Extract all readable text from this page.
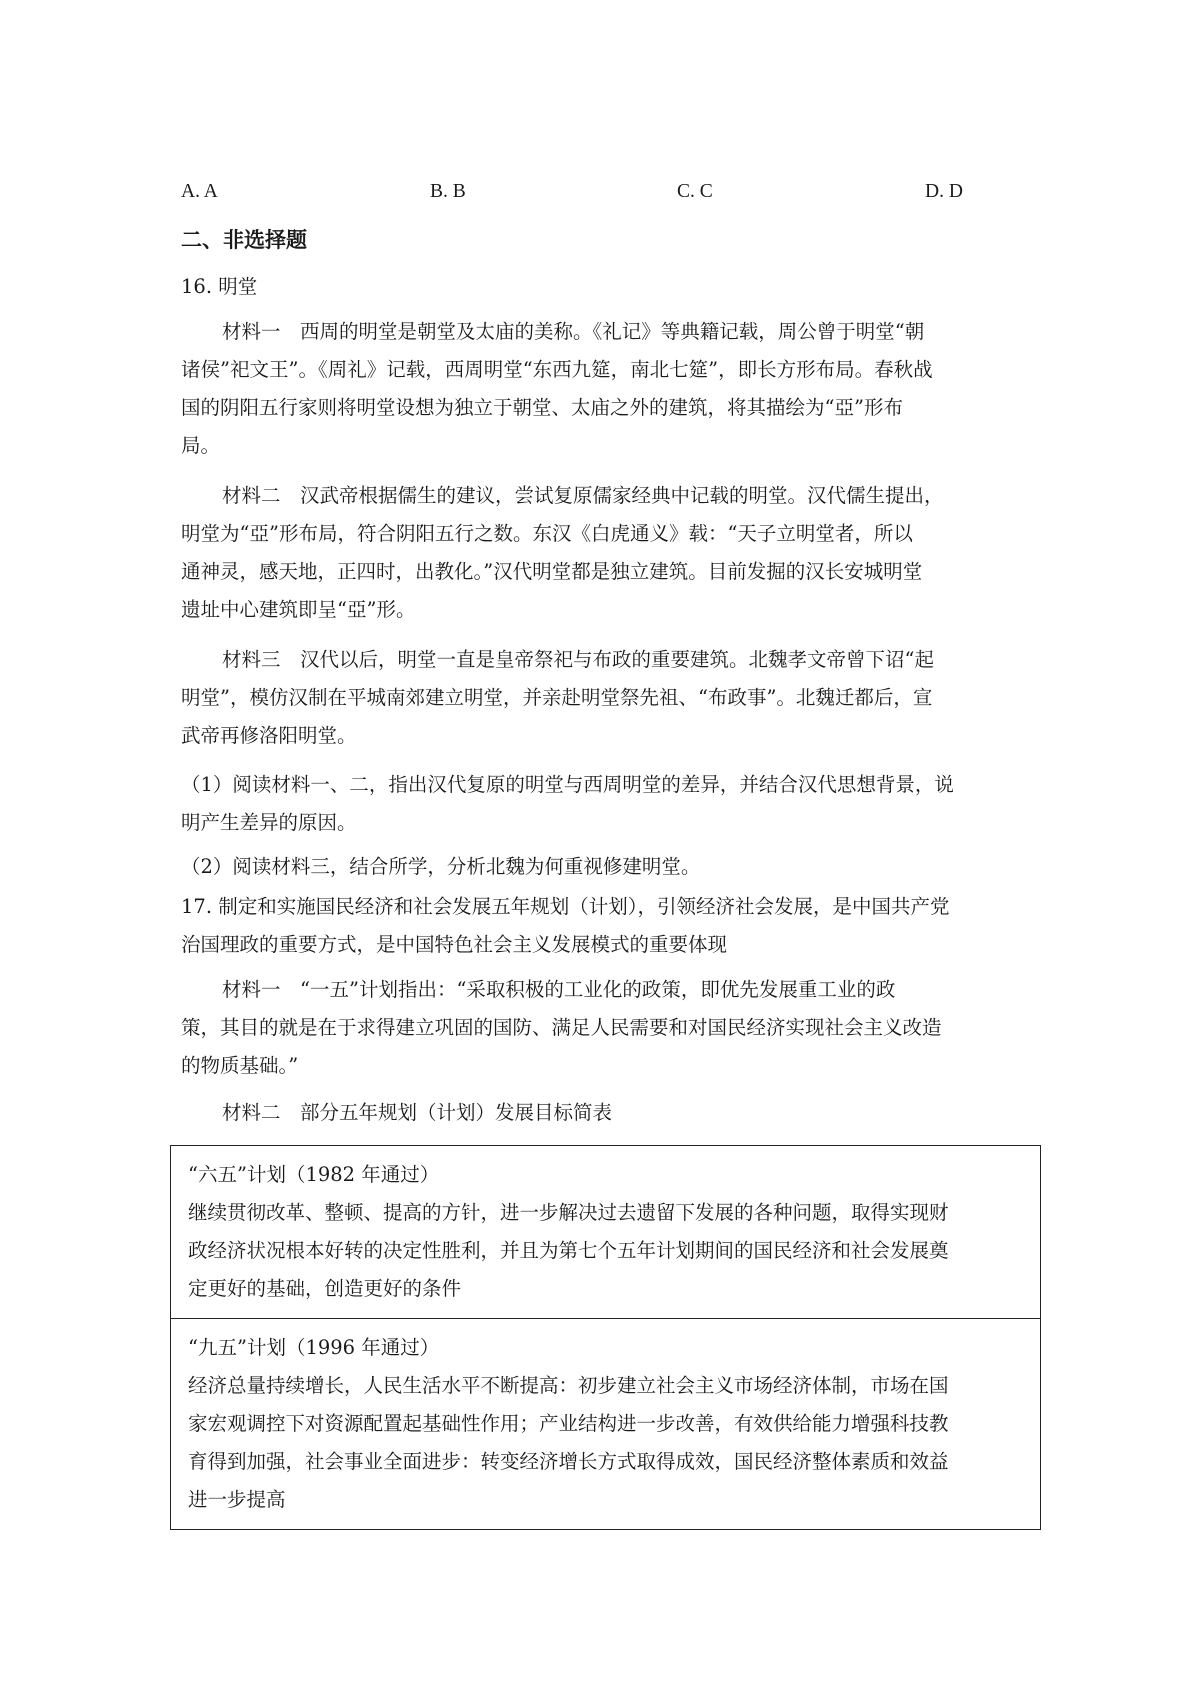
A. A	B. B	C. C	D. D
二、非选择题
16. 明堂
材料一　西周的明堂是朝堂及太庙的美称。《礼记》等典籍记载，周公曾于明堂“朝
诸侯”祀文王”。《周礼》记载，西周明堂“东西九筵，南北七筵”，即长方形布局。春秋战
国的阴阳五行家则将明堂设想为独立于朝堂、太庙之外的建筑，将其描绘为“亞”形布
局。
材料二　汉武帝根据儒生的建议，尝试复原儒家经典中记载的明堂。汉代儒生提出，
明堂为“亞”形布局，符合阴阳五行之数。东汉《白虎通义》载：“天子立明堂者，所以
通神灵，感天地，正四时，出教化。”汉代明堂都是独立建筑。目前发掘的汉长安城明堂
遗址中心建筑即呈“亞”形。
材料三　汉代以后，明堂一直是皇帝祭祀与布政的重要建筑。北魏孝文帝曾下诏“起
明堂”，模仿汉制在平城南郊建立明堂，并亲赴明堂祭先祖、“布政事”。北魏迁都后，宣
武帝再修洛阳明堂。
（1）阅读材料一、二，指出汉代复原的明堂与西周明堂的差异，并结合汉代思想背景，说
明产生差异的原因。
（2）阅读材料三，结合所学，分析北魏为何重视修建明堂。
17. 制定和实施国民经济和社会发展五年规划（计划），引领经济社会发展，是中国共产党
治国理政的重要方式，是中国特色社会主义发展模式的重要体现
材料一　“一五”计划指出：“采取积极的工业化的政策，即优先发展重工业的政
策，其目的就是在于求得建立巩固的国防、满足人民需要和对国民经济实现社会主义改造
的物质基础。”
材料二　部分五年规划（计划）发展目标简表
“六五”计划（1982 年通过）
继续贯彻改革、整顿、提高的方针，进一步解决过去遗留下发展的各种问题，取得实现财
政经济状况根本好转的决定性胜利，并且为第七个五年计划期间的国民经济和社会发展奠
定更好的基础，创造更好的条件
“九五”计划（1996 年通过）
经济总量持续增长，人民生活水平不断提高：初步建立社会主义市场经济体制，市场在国
家宏观调控下对资源配置起基础性作用；产业结构进一步改善，有效供给能力增强科技教
育得到加强，社会事业全面进步：转变经济增长方式取得成效，国民经济整体素质和效益
进一步提高
